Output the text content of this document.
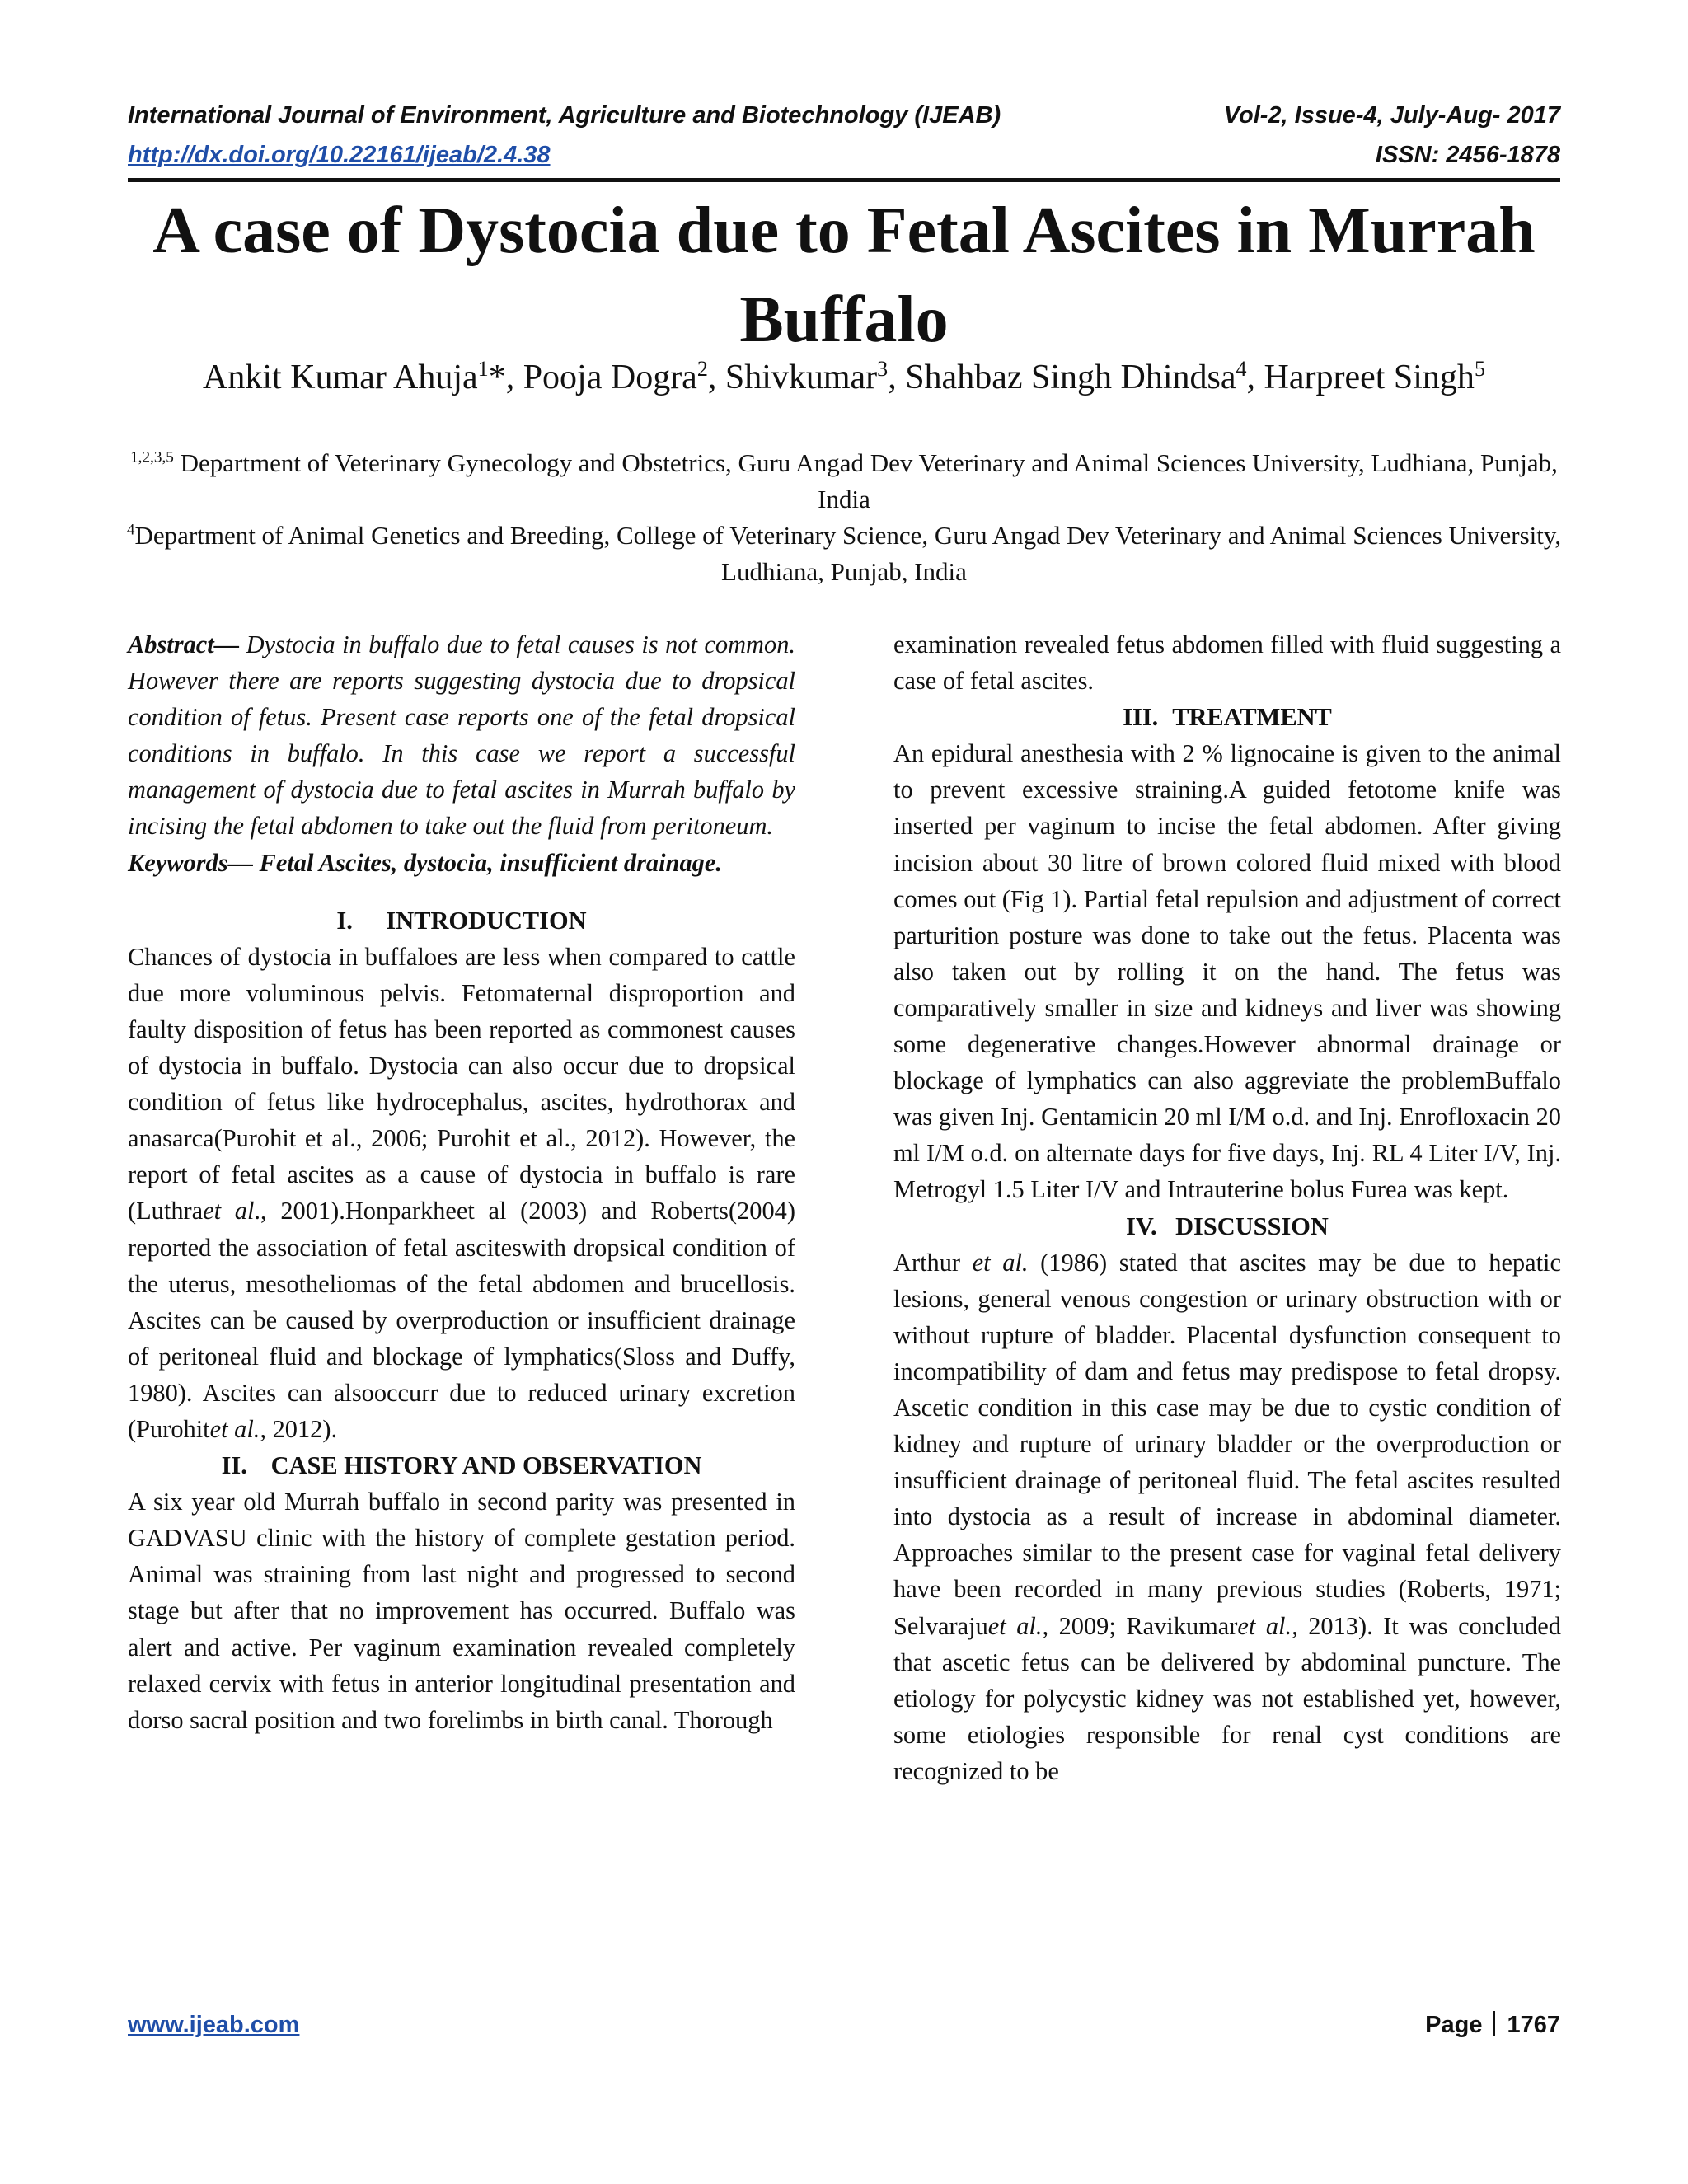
International Journal of Environment, Agriculture and Biotechnology (IJEAB)	Vol-2, Issue-4, July-Aug- 2017
http://dx.doi.org/10.22161/ijeab/2.4.38	ISSN: 2456-1878
A case of Dystocia due to Fetal Ascites in Murrah Buffalo
Ankit Kumar Ahuja$^1$*, Pooja Dogra$^2$, Shivkumar$^3$, Shahbaz Singh Dhindsa$^4$, Harpreet Singh$^5$
$^{1,2,3,5}$ Department of Veterinary Gynecology and Obstetrics, Guru Angad Dev Veterinary and Animal Sciences University, Ludhiana, Punjab, India
$^4$Department of Animal Genetics and Breeding, College of Veterinary Science, Guru Angad Dev Veterinary and Animal Sciences University, Ludhiana, Punjab, India

Abstract— Dystocia in buffalo due to fetal causes is not common. However there are reports suggesting dystocia due to dropsical condition of fetus. Present case reports one of the fetal dropsical conditions in buffalo. In this case we report a successful management of dystocia due to fetal ascites in Murrah buffalo by incising the fetal abdomen to take out the fluid from peritoneum.

Keywords— Fetal Ascites, dystocia, insufficient drainage.

I. INTRODUCTION

Chances of dystocia in buffaloes are less when compared to cattle due more voluminous pelvis. Fetomaternal disproportion and faulty disposition of fetus has been reported as commonest causes of dystocia in buffalo. Dystocia can also occur due to dropsical condition of fetus like hydrocephalus, ascites, hydrothorax and anasarca(Purohit et al., 2006; Purohit et al., 2012). However, the report of fetal ascites as a cause of dystocia in buffalo is rare (Luthraet al., 2001).Honparkheet al (2003) and Roberts(2004) reported the association of fetal asciteswith dropsical condition of the uterus, mesotheliomas of the fetal abdomen and brucellosis. Ascites can be caused by overproduction or insufficient drainage of peritoneal fluid and blockage of lymphatics(Sloss and Duffy, 1980). Ascites can alsooccurr due to reduced urinary excretion (Purohitet al., 2012).

II. CASE HISTORY AND OBSERVATION

A six year old Murrah buffalo in second parity was presented in GADVASU clinic with the history of complete gestation period. Animal was straining from last night and progressed to second stage but after that no improvement has occurred. Buffalo was alert and active. Per vaginum examination revealed completely relaxed cervix with fetus in anterior longitudinal presentation and dorso sacral position and two forelimbs in birth canal. Thorough

examination revealed fetus abdomen filled with fluid suggesting a case of fetal ascites.

III. TREATMENT

An epidural anesthesia with 2 % lignocaine is given to the animal to prevent excessive straining.A guided fetotome knife was inserted per vaginum to incise the fetal abdomen. After giving incision about 30 litre of brown colored fluid mixed with blood comes out (Fig 1). Partial fetal repulsion and adjustment of correct parturition posture was done to take out the fetus. Placenta was also taken out by rolling it on the hand. The fetus was comparatively smaller in size and kidneys and liver was showing some degenerative changes.However abnormal drainage or blockage of lymphatics can also aggreviate the problemBuffalo was given Inj. Gentamicin 20 ml I/M o.d. and Inj. Enrofloxacin 20 ml I/M o.d. on alternate days for five days, Inj. RL 4 Liter I/V, Inj. Metrogyl 1.5 Liter I/V and Intrauterine bolus Furea was kept.

IV. DISCUSSION

Arthur et al. (1986) stated that ascites may be due to hepatic lesions, general venous congestion or urinary obstruction with or without rupture of bladder. Placental dysfunction consequent to incompatibility of dam and fetus may predispose to fetal dropsy. Ascetic condition in this case may be due to cystic condition of kidney and rupture of urinary bladder or the overproduction or insufficient drainage of peritoneal fluid. The fetal ascites resulted into dystocia as a result of increase in abdominal diameter. Approaches similar to the present case for vaginal fetal delivery have been recorded in many previous studies (Roberts, 1971; Selvarajuet al., 2009; Ravikumaret al., 2013). It was concluded that ascetic fetus can be delivered by abdominal puncture. The etiology for polycystic kidney was not established yet, however, some etiologies responsible for renal cyst conditions are recognized to be

www.ijeab.com	Page 1767
